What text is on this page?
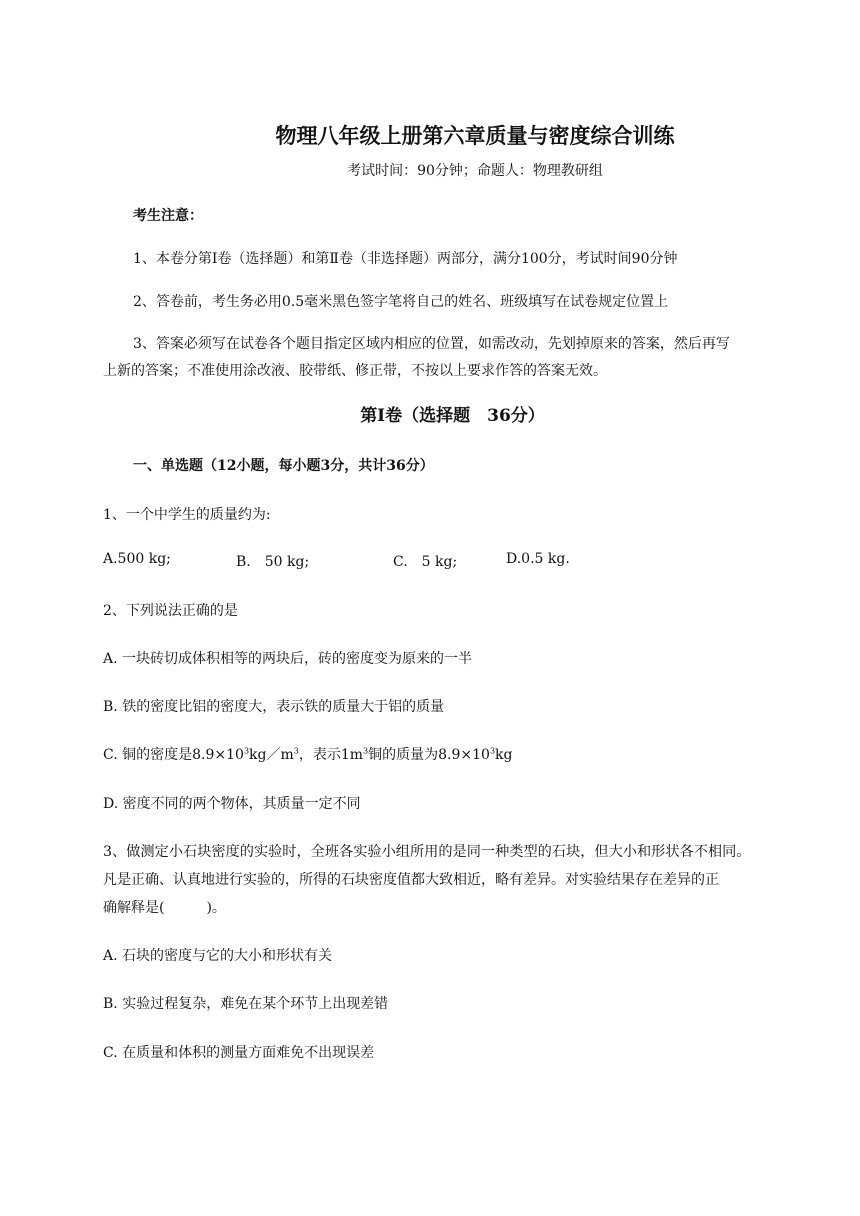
物理八年级上册第六章质量与密度综合训练
考试时间：90分钟；命题人：物理教研组
考生注意：
1、本卷分第Ⅰ卷（选择题）和第Ⅱ卷（非选择题）两部分，满分100分，考试时间90分钟
2、答卷前，考生务必用0.5毫米黑色签字笔将自己的姓名、班级填写在试卷规定位置上
3、答案必须写在试卷各个题目指定区域内相应的位置，如需改动，先划掉原来的答案，然后再写
上新的答案；不准使用涂改液、胶带纸、修正带，不按以上要求作答的答案无效。
第Ⅰ卷（选择题　36分）
一、单选题（12小题，每小题3分，共计36分）
1、一个中学生的质量约为:
A.500 kg;	B.　50 kg;	C.　5 kg;	D.0.5 kg.
2、下列说法正确的是
A. 一块砖切成体积相等的两块后，砖的密度变为原来的一半
B. 铁的密度比铝的密度大，表示铁的质量大于铝的质量
C. 铜的密度是$8.9\times 10^3kg/m^3$，表示$1m^3$铜的质量为$8.9\times 10^3kg$
D. 密度不同的两个物体，其质量一定不同
3、做测定小石块密度的实验时，全班各实验小组所用的是同一种类型的石块，但大小和形状各不相同。
凡是正确、认真地进行实验的，所得的石块密度值都大致相近，略有差异。对实验结果存在差异的正
确解释是(　　　)。
A. 石块的密度与它的大小和形状有关
B. 实验过程复杂，难免在某个环节上出现差错
C. 在质量和体积的测量方面难免不出现误差
